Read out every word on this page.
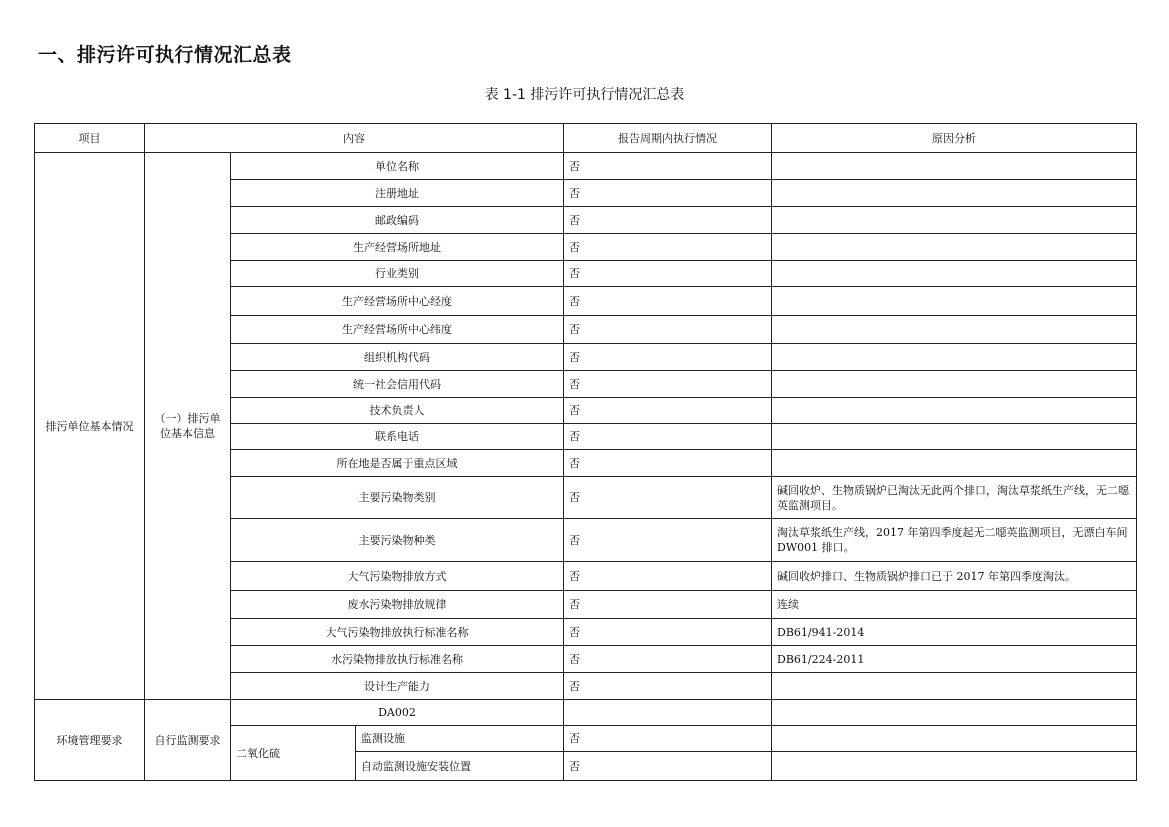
一、排污许可执行情况汇总表
表 1-1 排污许可执行情况汇总表
项目	内容			报告周期内执行情况	原因分析
排污单位基本情况	（一）排污单位基本信息	单位名称		否	
		注册地址		否	
		邮政编码		否	
		生产经营场所地址		否	
		行业类别		否	
		生产经营场所中心经度		否	
		生产经营场所中心纬度		否	
		组织机构代码		否	
		统一社会信用代码		否	
		技术负责人		否	
		联系电话		否	
		所在地是否属于重点区域		否	
		主要污染物类别		否	碱回收炉、生物质锅炉已淘汰无此两个排口，淘汰草浆纸生产线，无二噁英监测项目。
		主要污染物种类		否	淘汰草浆纸生产线，2017 年第四季度起无二噁英监测项目，无漂白车间 DW001 排口。
		大气污染物排放方式		否	碱回收炉排口、生物质锅炉排口已于 2017 年第四季度淘汰。
		废水污染物排放规律		否	连续
		大气污染物排放执行标准名称		否	DB61/941-2014
		水污染物排放执行标准名称		否	DB61/224-2011
		设计生产能力		否	
环境管理要求	自行监测要求	DA002			
		二氧化硫	监测设施	否	
			自动监测设施安装位置	否	
